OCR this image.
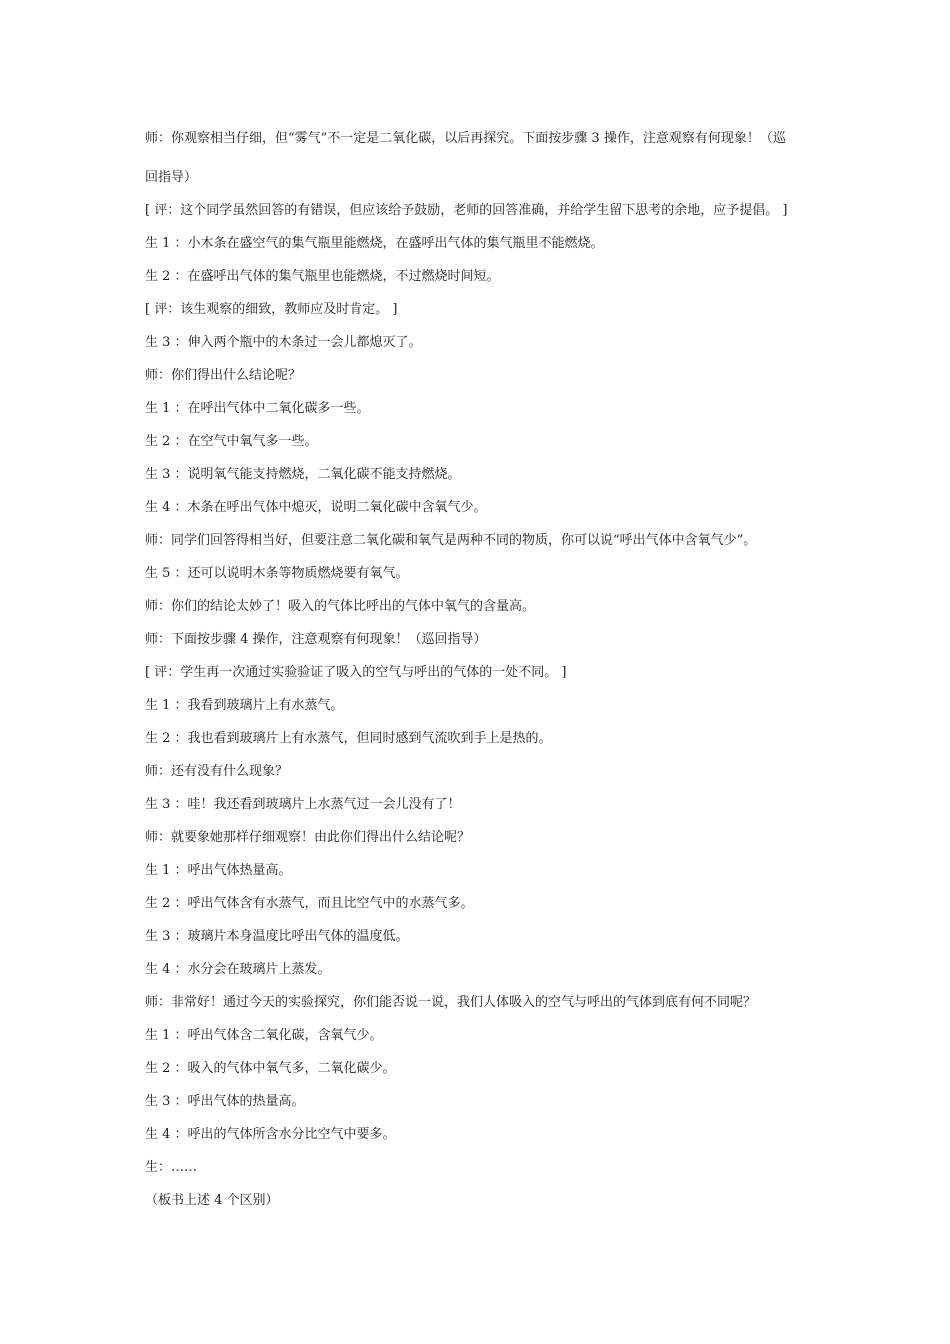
师：你观察相当仔细，但“雾气”不一定是二氧化碳，以后再探究。下面按步骤 3 操作，注意观察有何现象！（巡
回指导）
[ 评：这个同学虽然回答的有错误，但应该给予鼓励，老师的回答准确，并给学生留下思考的余地，应予提倡。 ]
生 1 ：小木条在盛空气的集气瓶里能燃烧，在盛呼出气体的集气瓶里不能燃烧。
生 2 ：在盛呼出气体的集气瓶里也能燃烧，不过燃烧时间短。
[ 评：该生观察的细致，教师应及时肯定。 ]
生 3 ：伸入两个瓶中的木条过一会儿都熄灭了。
师：你们得出什么结论呢？
生 1 ：在呼出气体中二氧化碳多一些。
生 2 ：在空气中氧气多一些。
生 3 ：说明氧气能支持燃烧，二氧化碳不能支持燃烧。
生 4 ：木条在呼出气体中熄灭，说明二氧化碳中含氧气少。
师：同学们回答得相当好，但要注意二氧化碳和氧气是两种不同的物质，你可以说“呼出气体中含氧气少”。
生 5 ：还可以说明木条等物质燃烧要有氧气。
师：你们的结论太妙了！吸入的气体比呼出的气体中氧气的含量高。
师：下面按步骤 4 操作，注意观察有何现象！（巡回指导）
[ 评：学生再一次通过实验验证了吸入的空气与呼出的气体的一处不同。 ]
生 1 ：我看到玻璃片上有水蒸气。
生 2 ：我也看到玻璃片上有水蒸气，但同时感到气流吹到手上是热的。
师：还有没有什么现象？
生 3 ：哇！我还看到玻璃片上水蒸气过一会儿没有了！
师：就要象她那样仔细观察！由此你们得出什么结论呢？
生 1 ：呼出气体热量高。
生 2 ：呼出气体含有水蒸气，而且比空气中的水蒸气多。
生 3 ：玻璃片本身温度比呼出气体的温度低。
生 4 ：水分会在玻璃片上蒸发。
师：非常好！通过今天的实验探究，你们能否说一说，我们人体吸入的空气与呼出的气体到底有何不同呢？
生 1 ：呼出气体含二氧化碳，含氧气少。
生 2 ：吸入的气体中氧气多，二氧化碳少。
生 3 ：呼出气体的热量高。
生 4 ：呼出的气体所含水分比空气中要多。
生：……
（板书上述 4 个区别）
